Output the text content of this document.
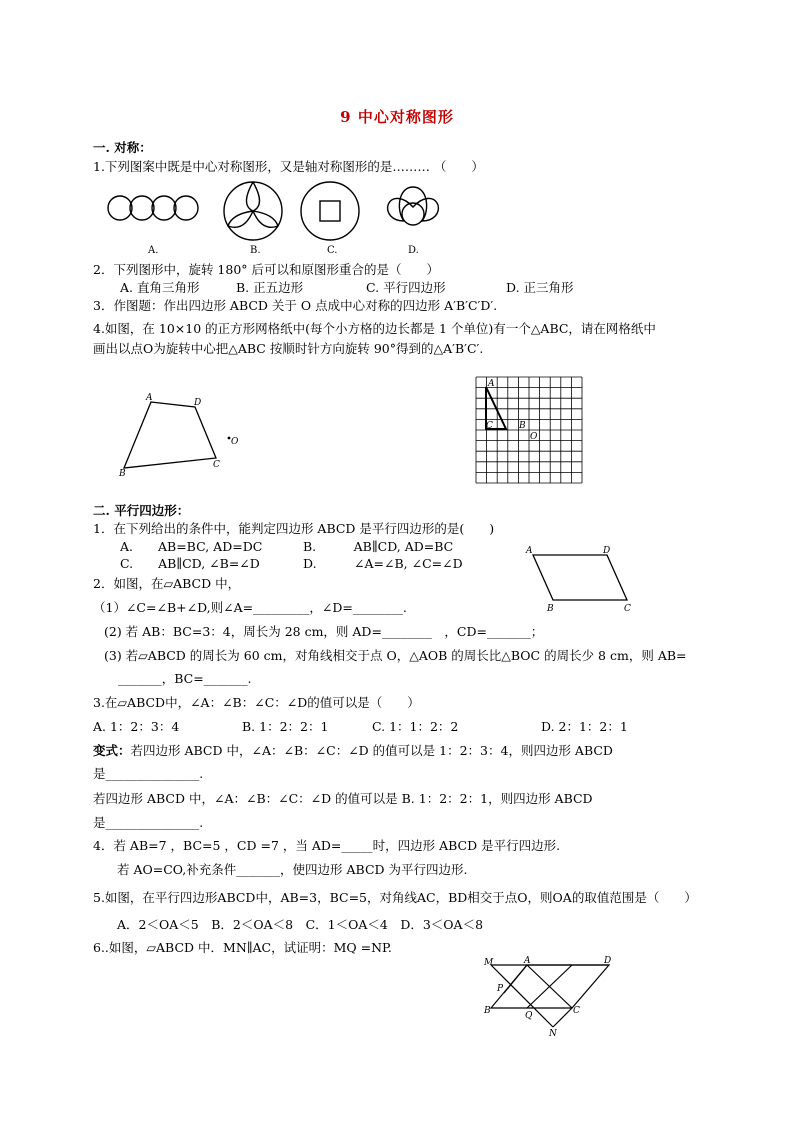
9 中心对称图形
一. 对称：
1.下列图案中既是中心对称图形，又是轴对称图形的是……… （　　）
A.	B.	C.	D.
2．下列图形中，旋转 180° 后可以和原图形重合的是（　　）
A. 直角三角形	B. 正五边形	C. 平行四边形	D. 正三角形
3．作图题：作出四边形 ABCD 关于 O 点成中心对称的四边形 A′B′C′D′.
4.如图，在 10×10 的正方形网格纸中(每个小方格的边长都是 1 个单位)有一个△ABC，请在网格纸中
画出以点O为旋转中心把△ABC 按顺时针方向旋转 90°得到的△A′B′C′.
A	D
O
B
C
A
C	B
O
二. 平行四边形：
1．在下列给出的条件中，能判定四边形 ABCD 是平行四边形的是(　　)
A.　　AB=BC, AD=DC	B.　　　AB∥CD, AD=BC
C.　　AB∥CD, ∠B=∠D	D.　　　∠A=∠B, ∠C=∠D
A	D
B	C
2．如图，在▱ABCD 中，
（1）∠C=∠B+∠D,则∠A=_________，∠D=________.
(2) 若 AB：BC=3：4，周长为 28 cm，则 AD=________　，CD=_______；
(3) 若▱ABCD 的周长为 60 cm，对角线相交于点 O，△AOB 的周长比△BOC 的周长少 8 cm，则 AB=
_______，BC=_______.
3.在▱ABCD中，∠A：∠B：∠C：∠D的值可以是（　　）
A. 1：2：3：4	B. 1：2：2：1	C. 1：1：2：2	D. 2：1：2：1
变式：若四边形 ABCD 中，∠A：∠B：∠C：∠D 的值可以是 1：2：3：4，则四边形 ABCD
是_______________.
若四边形 ABCD 中，∠A：∠B：∠C：∠D 的值可以是 B. 1：2：2：1，则四边形 ABCD
是_______________.
4．若 AB=7 ，BC=5 ，CD =7 ，当 AD=_____时，四边形 ABCD 是平行四边形.
若 AO=CO,补充条件_______，使四边形 ABCD 为平行四边形.
5.如图，在平行四边形ABCD中，AB=3，BC=5，对角线AC，BD相交于点O，则OA的取值范围是（　　）
A．2＜OA＜5　B．2＜OA＜8　C．1＜OA＜4　D．3＜OA＜8
6..如图，▱ABCD 中．MN∥AC，试证明：MQ =NP.
M	A	D
P
B	Q	C
N
